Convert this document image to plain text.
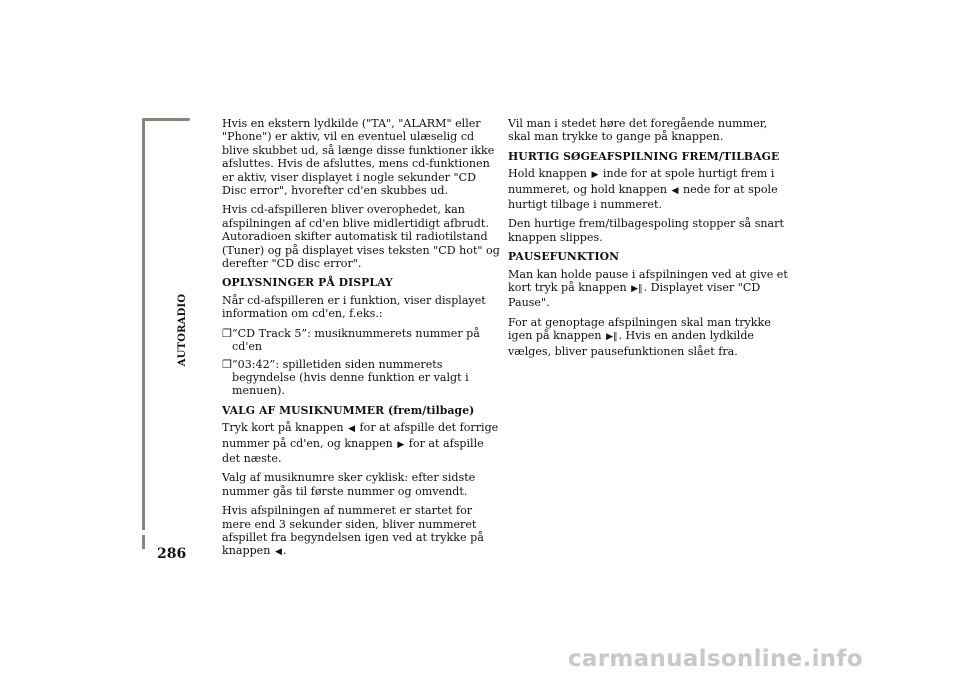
AUTORADIO
286

Hvis en ekstern lydkilde ("TA", "ALARM" eller "Phone") er aktiv, vil en eventuel ulæselig cd blive skubbet ud, så længe disse funktioner ikke afsluttes. Hvis de afsluttes, mens cd-funktionen er aktiv, viser displayet i nogle sekunder "CD Disc error", hvorefter cd'en skubbes ud.

Hvis cd-afspilleren bliver overophedet, kan afspilningen af cd'en blive midlertidigt afbrudt. Autoradioen skifter automatisk til radiotilstand (Tuner) og på displayet vises teksten "CD hot" og derefter "CD disc error".

OPLYSNINGER PÅ DISPLAY

Når cd-afspilleren er i funktion, viser displayet information om cd'en, f.eks.:

❐ “CD Track 5”: musiknummerets nummer på cd'en
❐ “03:42”: spilletiden siden nummerets begyndelse (hvis denne funktion er valgt i menuen).
VALG AF MUSIKNUMMER (frem/tilbage)

Tryk kort på knappen ◀ for at afspille det forrige nummer på cd'en, og knappen ▶ for at afspille det næste.

Valg af musiknumre sker cyklisk: efter sidste nummer gås til første nummer og omvendt.

Hvis afspilningen af nummeret er startet for mere end 3 sekunder siden, bliver nummeret afspillet fra begyndelsen igen ved at trykke på knappen ◀.

Vil man i stedet høre det foregående nummer, skal man trykke to gange på knappen.

HURTIG SØGEAFSPILNING FREM/TILBAGE

Hold knappen ▶ inde for at spole hurtigt frem i nummeret, og hold knappen ◀ nede for at spole hurtigt tilbage i nummeret.

Den hurtige frem/tilbagespoling stopper så snart knappen slippes.

PAUSEFUNKTION

Man kan holde pause i afspilningen ved at give et kort tryk på knappen ▶‖. Displayet viser "CD Pause".

For at genoptage afspilningen skal man trykke igen på knappen ▶‖. Hvis en anden lydkilde vælges, bliver pausefunktionen slået fra.

carmanualsonline.info
